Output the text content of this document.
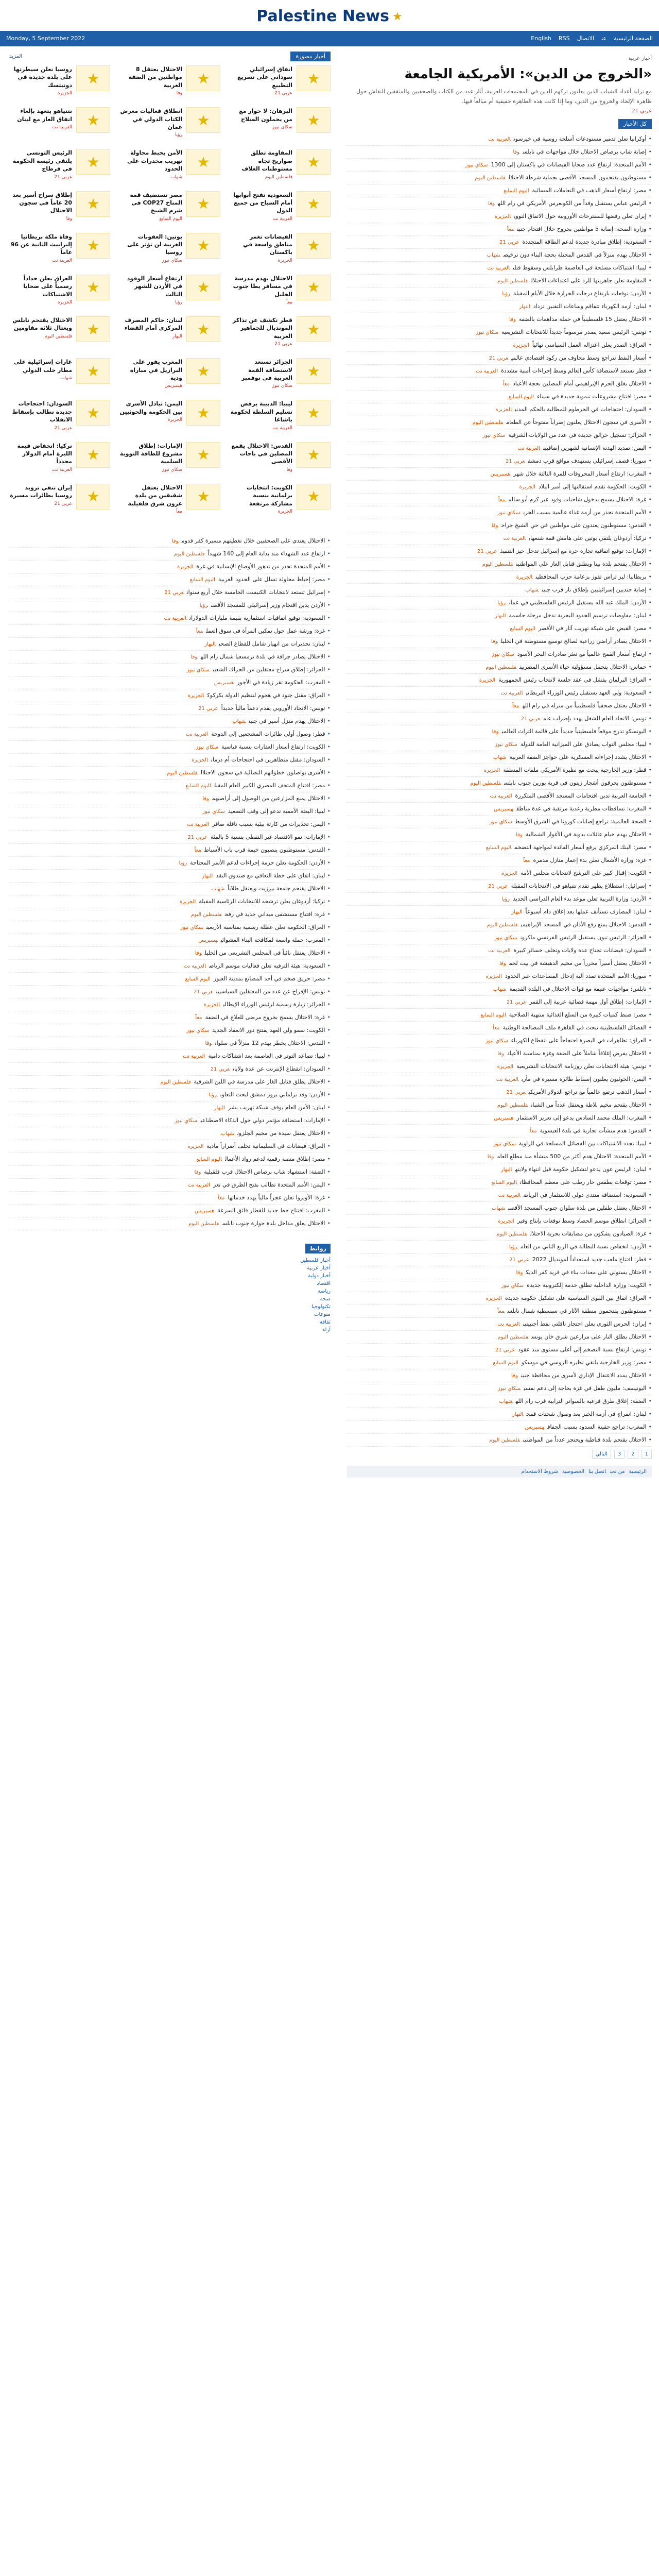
Palestine News ★
Monday, 5 September 2022	الصفحة الرئيسيةعنالاتصالEnglish RSS
أخبار مصورة
المزيد
★
اتفاق إسرائيلي سوداني على تسريع التطبيع
عربي 21
★
الاحتلال يعتقل 8 مواطنين من الضفة الغربية
وفا
★
روسيا تعلن سيطرتها على بلدة جديدة في دونيتسك
الجزيرة
★
البرهان: لا حوار مع من يحملون السلاح
سكاي نيوز
★
انطلاق فعاليات معرض الكتاب الدولي في عمان
رؤيا
★
نتنياهو يتعهد بإلغاء اتفاق الغاز مع لبنان
العربية نت
★
المقاومة تطلق صواريخ تجاه مستوطنات الغلاف
فلسطين اليوم
★
الأمن يحبط محاولة تهريب مخدرات على الحدود
شهاب
★
الرئيس التونسي يلتقي رئيسة الحكومة في قرطاج
عربي 21
★
السعودية تفتح أبوابها أمام السياح من جميع الدول
العربية نت
★
مصر تستضيف قمة المناخ COP27 في شرم الشيخ
اليوم السابع
★
إطلاق سراح أسير بعد 20 عاماً في سجون الاحتلال
وفا
★
الفيضانات تغمر مناطق واسعة في باكستان
الجزيرة
★
بوتين: العقوبات الغربية لن تؤثر على روسيا
سكاي نيوز
★
وفاة ملكة بريطانيا إليزابيث الثانية عن 96 عاماً
العربية نت
★
الاحتلال يهدم مدرسة في مسافر يطا جنوب الخليل
معاً
★
ارتفاع أسعار الوقود في الأردن للشهر الثالث
رؤيا
★
العراق يعلن حداداً رسمياً على ضحايا الاشتباكات
الجزيرة
★
قطر تكشف عن تذاكر المونديال للجماهير العربية
عربي 21
★
لبنان: حاكم المصرف المركزي أمام القضاء
النهار
★
الاحتلال يقتحم نابلس ويغتال ثلاثة مقاومين
فلسطين اليوم
★
الجزائر تستعد لاستضافة القمة العربية في نوفمبر
سكاي نيوز
★
المغرب يفوز على البرازيل في مباراة ودية
هسبريس
★
غارات إسرائيلية على مطار حلب الدولي
شهاب
★
ليبيا: الدبيبة يرفض تسليم السلطة لحكومة باشاغا
العربية نت
★
اليمن: تبادل الأسرى بين الحكومة والحوثيين
الجزيرة
★
السودان: احتجاجات جديدة تطالب بإسقاط الانقلاب
عربي 21
★
القدس: الاحتلال يقمع المصلين في باحات الأقصى
وفا
★
الإمارات: إطلاق مشروع للطاقة النووية السلمية
سكاي نيوز
★
تركيا: انخفاض قيمة الليرة أمام الدولار مجدداً
العربية نت
★
الكويت: انتخابات برلمانية بنسبة مشاركة مرتفعة
الجزيرة
★
الاحتلال يعتقل شقيقين من بلدة عزون شرق قلقيلية
معاً
★
إيران تنفي تزويد روسيا بطائرات مسيرة
عربي 21
•الاحتلال يعتدي على الصحفيين خلال تغطيتهم مسيرة كفر قدوموفا
•ارتفاع عدد الشهداء منذ بداية العام إلى 140 شهيداًفلسطين اليوم
•الأمم المتحدة تحذر من تدهور الأوضاع الإنسانية في غزةالجزيرة
•مصر: إحباط محاولة تسلل على الحدود الغربيةاليوم السابع
•إسرائيل تستعد لانتخابات الكنيست الخامسة خلال أربع سنواتعربي 21
•الأردن يدين اقتحام وزير إسرائيلي للمسجد الأقصىرؤيا
•السعودية: توقيع اتفاقيات استثمارية بقيمة مليارات الدولاراتالعربية نت
•غزة: ورشة عمل حول تمكين المرأة في سوق العملمعاً
•لبنان: تحذيرات من انهيار شامل للقطاع الصحيالنهار
•الاحتلال يصادر جرافة في بلدة ترمسعيا شمال رام اللهوفا
•الجزائر: إطلاق سراح معتقلين من الحراك الشعبيسكاي نيوز
•المغرب: الحكومة تقر زيادة في الأجورهسبريس
•العراق: مقتل جنود في هجوم لتنظيم الدولة بكركوكالجزيرة
•تونس: الاتحاد الأوروبي يقدم دعماً مالياً جديداًعربي 21
•الاحتلال يهدم منزل أسير في جنينشهاب
•قطر: وصول أولى طائرات المشجعين إلى الدوحةالعربية نت
•الكويت: ارتفاع أسعار العقارات بنسبة قياسيةسكاي نيوز
•السودان: مقتل متظاهرين في احتجاجات أم درمانالجزيرة
•الأسرى يواصلون خطواتهم النضالية في سجون الاحتلالفلسطين اليوم
•مصر: افتتاح المتحف المصري الكبير العام المقبلاليوم السابع
•الاحتلال يمنع المزارعين من الوصول إلى أراضيهموفا
•ليبيا: البعثة الأممية تدعو إلى وقف التصعيدسكاي نيوز
•اليمن: تحذيرات من كارثة بيئية بسبب ناقلة صافرالعربية نت
•الإمارات: نمو الاقتصاد غير النفطي بنسبة 5 بالمئةعربي 21
•القدس: مستوطنون ينصبون خيمة قرب باب الأسباطمعاً
•الأردن: الحكومة تعلن حزمة إجراءات لدعم الأسر المحتاجةرؤيا
•لبنان: اتفاق على خطة التعافي مع صندوق النقدالنهار
•الاحتلال يقتحم جامعة بيرزيت ويعتقل طلاباًشهاب
•تركيا: أردوغان يعلن ترشحه للانتخابات الرئاسية المقبلةالجزيرة
•غزة: افتتاح مستشفى ميداني جديد في رفحفلسطين اليوم
•العراق: الحكومة تعلن عطلة رسمية بمناسبة الأربعينسكاي نيوز
•المغرب: حملة واسعة لمكافحة البناء العشوائيهسبريس
•الاحتلال يعتقل نائباً في المجلس التشريعي من الخليلوفا
•السعودية: هيئة الترفيه تعلن فعاليات موسم الرياضالعربية نت
•مصر: حريق ضخم في أحد المصانع بمدينة العبوراليوم السابع
•تونس: الإفراج عن عدد من المعتقلين السياسيينعربي 21
•الجزائر: زيارة رسمية لرئيس الوزراء الإيطاليالجزيرة
•غزة: الاحتلال يسمح بخروج مرضى للعلاج في الضفةمعاً
•الكويت: سمو ولي العهد يفتتح دور الانعقاد الجديدسكاي نيوز
•القدس: الاحتلال يخطر بهدم 12 منزلاً في سلوانوفا
•ليبيا: تصاعد التوتر في العاصمة بعد اشتباكات داميةالعربية نت
•السودان: انقطاع الإنترنت عن عدة ولاياتعربي 21
•الاحتلال يطلق قنابل الغاز على مدرسة في اللبن الشرقيةفلسطين اليوم
•الأردن: وفد برلماني يزور دمشق لبحث التعاونرؤيا
•لبنان: الأمن العام يوقف شبكة تهريب بشرالنهار
•الإمارات: استضافة مؤتمر دولي حول الذكاء الاصطناعيسكاي نيوز
•الاحتلال يعتقل سيدة من مخيم الجلزونشهاب
•العراق: فيضانات في السليمانية تخلف أضراراً ماديةالجزيرة
•مصر: إطلاق منصة رقمية لدعم رواد الأعمالاليوم السابع
•الضفة: استشهاد شاب برصاص الاحتلال قرب قلقيليةوفا
•اليمن: الأمم المتحدة تطالب بفتح الطرق في تعزالعربية نت
•غزة: الأونروا تعلن عجزاً مالياً يهدد خدماتهامعاً
•المغرب: افتتاح خط جديد للقطار فائق السرعةهسبريس
•الاحتلال يغلق مداخل بلدة حوارة جنوب نابلسفلسطين اليوم
روابط
أخبار فلسطين
أخبار عربية
أخبار دولية
اقتصاد
رياضة
صحة
تكنولوجيا
منوعات
ثقافة
آراء
أخبار عربية
«الخروج من الدين»: الأمريكية الجامعة
مع تزايد أعداد الشباب الذين يعلنون تركهم للدين في المجتمعات العربية، أثار عدد من الكتاب والصحفيين والمثقفين النقاش حول ظاهرة الإلحاد والخروج من الدين، وما إذا كانت هذه الظاهرة حقيقية أم مبالغاً فيها.
عربي 21
كل الأخبار
•أوكرانيا تعلن تدمير مستودعات أسلحة روسية في خيرسونالعربية نت
•إصابة شاب برصاص الاحتلال خلال مواجهات في نابلسوفا
•الأمم المتحدة: ارتفاع عدد ضحايا الفيضانات في باكستان إلى 1300سكاي نيوز
•مستوطنون يقتحمون المسجد الأقصى بحماية شرطة الاحتلالفلسطين اليوم
•مصر: ارتفاع أسعار الذهب في التعاملات المسائيةاليوم السابع
•الرئيس عباس يستقبل وفداً من الكونغرس الأمريكي في رام اللهوفا
•إيران تعلن رفضها للمقترحات الأوروبية حول الاتفاق النوويالجزيرة
•وزارة الصحة: إصابة 5 مواطنين بجروح خلال اقتحام جنينمعاً
•السعودية: إطلاق مبادرة جديدة لدعم الطاقة المتجددةعربي 21
•الاحتلال يهدم منزلاً في القدس المحتلة بحجة البناء دون ترخيصشهاب
•ليبيا: اشتباكات مسلحة في العاصمة طرابلس وسقوط قتلىالعربية نت
•المقاومة تعلن جاهزيتها للرد على اعتداءات الاحتلالفلسطين اليوم
•الأردن: توقعات بارتفاع درجات الحرارة خلال الأيام المقبلةرؤيا
•لبنان: أزمة الكهرباء تتفاقم وساعات التقنين تزدادالنهار
•الاحتلال يعتقل 15 فلسطينياً في حملة مداهمات بالضفةوفا
•تونس: الرئيس سعيد يصدر مرسوماً جديداً للانتخابات التشريعيةسكاي نيوز
•العراق: الصدر يعلن اعتزاله العمل السياسي نهائياًالجزيرة
•أسعار النفط تتراجع وسط مخاوف من ركود اقتصادي عالميعربي 21
•قطر تستعد لاستضافة كأس العالم وسط إجراءات أمنية مشددةالعربية نت
•الاحتلال يغلق الحرم الإبراهيمي أمام المصلين بحجة الأعيادمعاً
•مصر: افتتاح مشروعات تنموية جديدة في سيناءاليوم السابع
•السودان: احتجاجات في الخرطوم للمطالبة بالحكم المدنيالجزيرة
•الأسرى في سجون الاحتلال يعلنون إضراباً مفتوحاً عن الطعامفلسطين اليوم
•الجزائر: تسجيل حرائق جديدة في عدد من الولايات الشرقيةسكاي نيوز
•اليمن: تمديد الهدنة الإنسانية لشهرين إضافيينالعربية نت
•سوريا: قصف إسرائيلي يستهدف مواقع قرب دمشقعربي 21
•المغرب: ارتفاع أسعار المحروقات للمرة الثالثة خلال شهرهسبريس
•الكويت: الحكومة تقدم استقالتها إلى أمير البلادالجزيرة
•غزة: الاحتلال يسمح بدخول شاحنات وقود عبر كرم أبو سالممعاً
•الأمم المتحدة تحذر من أزمة غذاء عالمية بسبب الحربسكاي نيوز
•القدس: مستوطنون يعتدون على مواطنين في حي الشيخ جراحوفا
•تركيا: أردوغان يلتقي بوتين على هامش قمة شنغهايالعربية نت
•الإمارات: توقيع اتفاقية تجارة حرة مع إسرائيل تدخل حيز التنفيذعربي 21
•الاحتلال يقتحم بلدة بيتا ويطلق قنابل الغاز على المواطنينفلسطين اليوم
•بريطانيا: ليز تراس تفوز بزعامة حزب المحافظينالجزيرة
•إصابة جنديين إسرائيليين بإطلاق نار قرب جنينشهاب
•الأردن: الملك عبد الله يستقبل الرئيس الفلسطيني في عمانرؤيا
•لبنان: مفاوضات ترسيم الحدود البحرية تدخل مرحلة حاسمةالنهار
•مصر: القبض على شبكة تهريب آثار في الأقصراليوم السابع
•الاحتلال يصادر أراضي زراعية لصالح توسيع مستوطنة في الخليلوفا
•ارتفاع أسعار القمح عالمياً مع تعثر صادرات البحر الأسودسكاي نيوز
•حماس: الاحتلال يتحمل مسؤولية حياة الأسرى المضربينفلسطين اليوم
•العراق: البرلمان يفشل في عقد جلسة لانتخاب رئيس الجمهوريةالجزيرة
•السعودية: ولي العهد يستقبل رئيس الوزراء البريطانيالعربية نت
•الاحتلال يعتقل صحفياً فلسطينياً من منزله في رام اللهمعاً
•تونس: الاتحاد العام للشغل يهدد بإضراب عامعربي 21
•اليونسكو تدرج موقعاً فلسطينياً جديداً على قائمة التراث العالميوفا
•ليبيا: مجلس النواب يصادق على الميزانية العامة للدولةسكاي نيوز
•الاحتلال يشدد إجراءاته العسكرية على حواجز الضفة الغربيةشهاب
•قطر: وزير الخارجية يبحث مع نظيره الأمريكي ملفات المنطقةالجزيرة
•مستوطنون يحرقون أشجار زيتون في قرية بورين جنوب نابلسفلسطين اليوم
•الجامعة العربية تدين اقتحامات المسجد الأقصى المتكررةالعربية نت
•المغرب: تساقطات مطرية رعدية مرتقبة في عدة مناطقهسبريس
•الصحة العالمية: تراجع إصابات كورونا في الشرق الأوسطسكاي نيوز
•الاحتلال يهدم خيام عائلات بدوية في الأغوار الشماليةوفا
•مصر: البنك المركزي يرفع أسعار الفائدة لمواجهة التضخماليوم السابع
•غزة: وزارة الأشغال تعلن بدء إعمار منازل مدمرةمعاً
•الكويت: إقبال كبير على الترشح لانتخابات مجلس الأمةالجزيرة
•إسرائيل: استطلاع يظهر تقدم نتنياهو في الانتخابات المقبلةعربي 21
•الأردن: وزارة التربية تعلن موعد بدء العام الدراسي الجديدرؤيا
•لبنان: المصارف تستأنف عملها بعد إغلاق دام أسبوعاًالنهار
•القدس: الاحتلال يمنع رفع الأذان في المسجد الإبراهيميفلسطين اليوم
•الجزائر: الرئيس تبون يستقبل الرئيس الفرنسي ماكرونسكاي نيوز
•السودان: فيضانات تجتاح عدة ولايات وتخلف خسائر كبيرةالعربية نت
•الاحتلال يعتقل أسيراً محرراً من مخيم الدهيشة في بيت لحموفا
•سوريا: الأمم المتحدة تمدد آلية إدخال المساعدات عبر الحدودالجزيرة
•نابلس: مواجهات عنيفة مع قوات الاحتلال في البلدة القديمةشهاب
•الإمارات: إطلاق أول مهمة فضائية عربية إلى القمرعربي 21
•مصر: ضبط كميات كبيرة من السلع الغذائية منتهية الصلاحيةاليوم السابع
•الفصائل الفلسطينية تبحث في القاهرة ملف المصالحة الوطنيةمعاً
•العراق: تظاهرات في البصرة احتجاجاً على انقطاع الكهرباءسكاي نيوز
•الاحتلال يفرض إغلاقاً شاملاً على الضفة وغزة بمناسبة الأعيادوفا
•تونس: هيئة الانتخابات تعلن روزنامة الانتخابات التشريعيةالجزيرة
•اليمن: الحوثيون يعلنون إسقاط طائرة مسيرة في مأربالعربية نت
•أسعار الذهب ترتفع عالمياً مع تراجع الدولار الأمريكيعربي 21
•الاحتلال يقتحم مخيم بلاطة ويعتقل عدداً من الشبانفلسطين اليوم
•المغرب: الملك محمد السادس يدعو إلى تعزيز الاستثمارهسبريس
•القدس: هدم منشآت تجارية في بلدة العيسويةمعاً
•ليبيا: تجدد الاشتباكات بين الفصائل المسلحة في الزاويةسكاي نيوز
•الأمم المتحدة: الاحتلال هدم أكثر من 500 منشأة منذ مطلع العاموفا
•لبنان: الرئيس عون يدعو لتشكيل حكومة قبل انتهاء ولايتهالنهار
•مصر: توقعات بطقس حار رطب على معظم المحافظاتاليوم السابع
•السعودية: استضافة منتدى دولي للاستثمار في الرياضالعربية نت
•الاحتلال يعتقل طفلين من بلدة سلوان جنوب المسجد الأقصىشهاب
•الجزائر: انطلاق موسم الحصاد وسط توقعات بإنتاج وفيرالجزيرة
•غزة: الصيادون يشكون من مضايقات بحرية الاحتلالفلسطين اليوم
•الأردن: انخفاض نسبة البطالة في الربع الثاني من العامرؤيا
•قطر: افتتاح ملعب جديد استعداداً لمونديال 2022عربي 21
•الاحتلال يستولي على معدات بناء في قرية كفر الديكوفا
•الكويت: وزارة الداخلية تطلق خدمة إلكترونية جديدةسكاي نيوز
•العراق: اتفاق بين القوى السياسية على تشكيل حكومة جديدةالجزيرة
•مستوطنون يقتحمون منطقة الآثار في سبسطية شمال نابلسمعاً
•إيران: الحرس الثوري يعلن احتجاز ناقلتي نفط أجنبيتينالعربية نت
•الاحتلال يطلق النار على مزارعين شرق خان يونسفلسطين اليوم
•تونس: ارتفاع نسبة التضخم إلى أعلى مستوى منذ عقودعربي 21
•مصر: وزير الخارجية يلتقي نظيره الروسي في موسكواليوم السابع
•الاحتلال يمدد الاعتقال الإداري لأسرى من محافظة جنينوفا
•اليونيسف: مليون طفل في غزة بحاجة إلى دعم نفسيسكاي نيوز
•الضفة: إغلاق طرق فرعية بالسواتر الترابية قرب رام اللهشهاب
•لبنان: انفراج في أزمة الخبز بعد وصول شحنات قمحالنهار
•المغرب: تراجع حقينة السدود بسبب الجفافهسبريس
•الاحتلال يقتحم بلدة قباطية ويحتجز عدداً من المواطنينفلسطين اليوم
1
2
3
التالي
الرئيسيةمن نحناتصل بناالخصوصيةشروط الاستخدام
